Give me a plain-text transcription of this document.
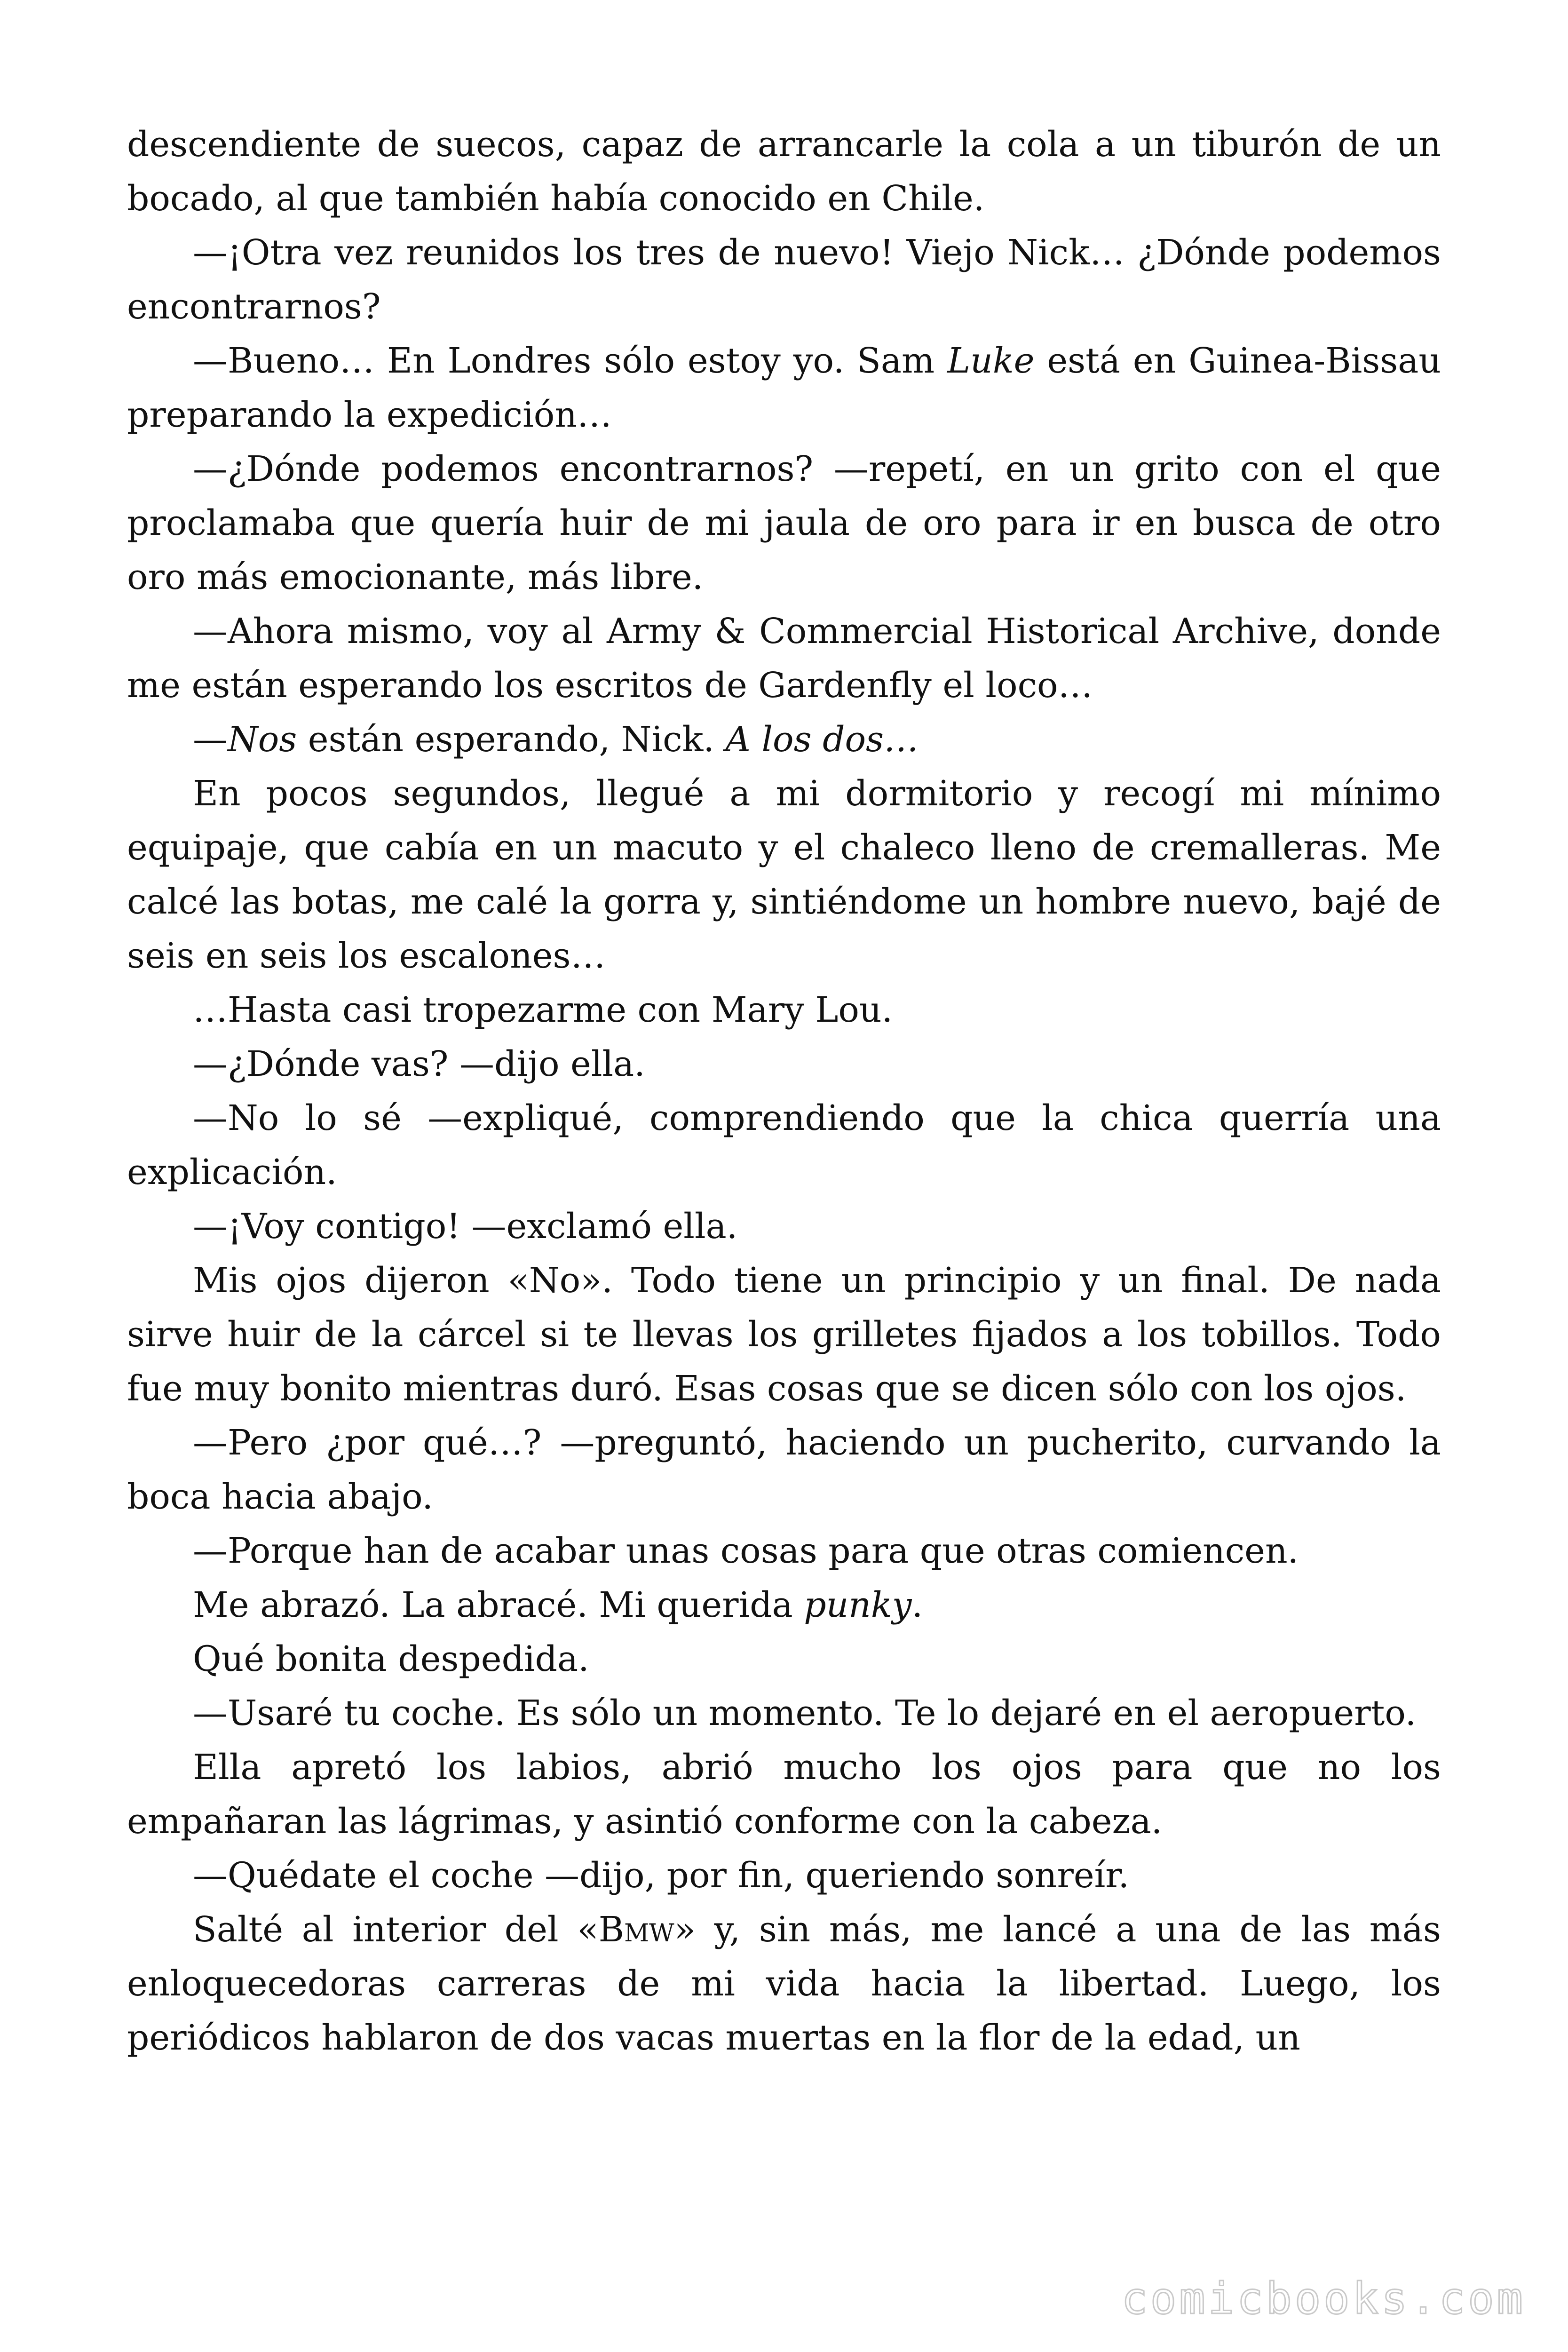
descendiente de suecos, capaz de arrancarle la cola a un tiburón de un bocado, al que también había conocido en Chile.

—¡Otra vez reunidos los tres de nuevo! Viejo Nick… ¿Dónde podemos encontrarnos?

—Bueno… En Londres sólo estoy yo. Sam Luke está en Guinea-Bissau preparando la expedición…

—¿Dónde podemos encontrarnos? —repetí, en un grito con el que proclamaba que quería huir de mi jaula de oro para ir en busca de otro oro más emocionante, más libre.

—Ahora mismo, voy al Army & Commercial Historical Archive, donde me están esperando los escritos de Gardenfly el loco…

—Nos están esperando, Nick. A los dos…

En pocos segundos, llegué a mi dormitorio y recogí mi mínimo equipaje, que cabía en un macuto y el chaleco lleno de cremalleras. Me calcé las botas, me calé la gorra y, sintiéndome un hombre nuevo, bajé de seis en seis los escalones…

…Hasta casi tropezarme con Mary Lou.

—¿Dónde vas? —dijo ella.

—No lo sé —expliqué, comprendiendo que la chica querría una explicación.

—¡Voy contigo! —exclamó ella.

Mis ojos dijeron «No». Todo tiene un principio y un final. De nada sirve huir de la cárcel si te llevas los grilletes fijados a los tobillos. Todo fue muy bonito mientras duró. Esas cosas que se dicen sólo con los ojos.

—Pero ¿por qué…? —preguntó, haciendo un pucherito, curvando la boca hacia abajo.

—Porque han de acabar unas cosas para que otras comiencen.

Me abrazó. La abracé. Mi querida punky.

Qué bonita despedida.

—Usaré tu coche. Es sólo un momento. Te lo dejaré en el aeropuerto.

Ella apretó los labios, abrió mucho los ojos para que no los empañaran las lágrimas, y asintió conforme con la cabeza.

—Quédate el coche —dijo, por fin, queriendo sonreír.

Salté al interior del «Bmw» y, sin más, me lancé a una de las más enloquecedoras carreras de mi vida hacia la libertad. Luego, los periódicos hablaron de dos vacas muertas en la flor de la edad, un

comicbooks.com
